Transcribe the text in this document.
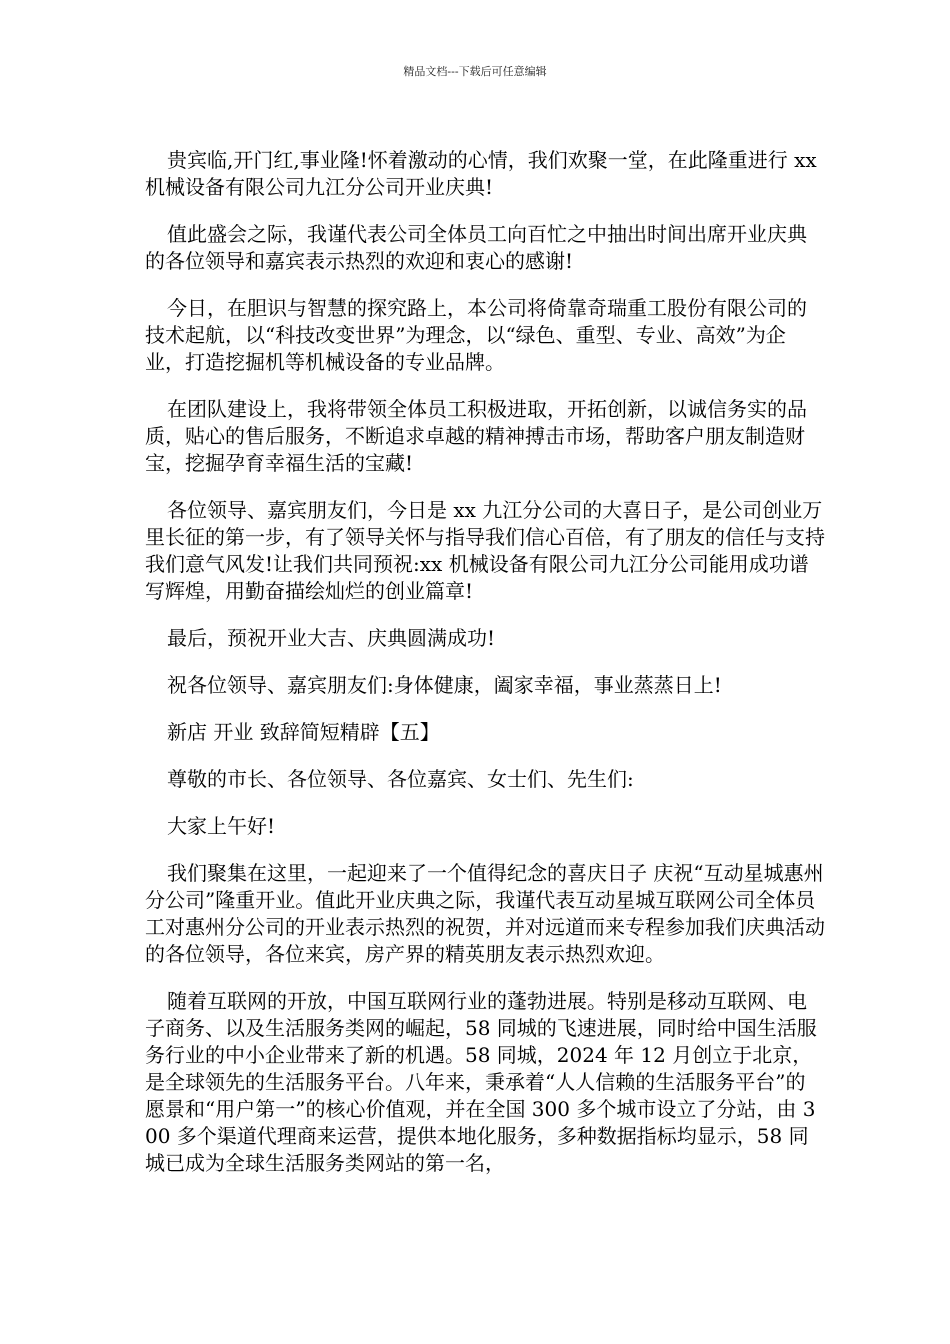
精品文档---下载后可任意编辑

贵宾临,开门红,事业隆!怀着激动的心情，我们欢聚一堂，在此隆重进行 xx 机械设备有限公司九江分公司开业庆典!

值此盛会之际，我谨代表公司全体员工向百忙之中抽出时间出席开业庆典的各位领导和嘉宾表示热烈的欢迎和衷心的感谢!

今日，在胆识与智慧的探究路上，本公司将倚靠奇瑞重工股份有限公司的技术起航，以“科技改变世界”为理念，以“绿色、重型、专业、高效”为企业，打造挖掘机等机械设备的专业品牌。

在团队建设上，我将带领全体员工积极进取，开拓创新，以诚信务实的品质，贴心的售后服务，不断追求卓越的精神搏击市场，帮助客户朋友制造财宝，挖掘孕育幸福生活的宝藏!

各位领导、嘉宾朋友们，今日是 xx 九江分公司的大喜日子，是公司创业万里长征的第一步，有了领导关怀与指导我们信心百倍，有了朋友的信任与支持我们意气风发!让我们共同预祝:xx 机械设备有限公司九江分公司能用成功谱写辉煌，用勤奋描绘灿烂的创业篇章!

最后，预祝开业大吉、庆典圆满成功!

祝各位领导、嘉宾朋友们:身体健康，阖家幸福，事业蒸蒸日上!

新店 开业 致辞简短精辟【五】

尊敬的市长、各位领导、各位嘉宾、女士们、先生们:

大家上午好!

我们聚集在这里，一起迎来了一个值得纪念的喜庆日子 庆祝“互动星城惠州分公司”隆重开业。值此开业庆典之际，我谨代表互动星城互联网公司全体员工对惠州分公司的开业表示热烈的祝贺，并对远道而来专程参加我们庆典活动的各位领导，各位来宾，房产界的精英朋友表示热烈欢迎。

随着互联网的开放，中国互联网行业的蓬勃进展。特别是移动互联网、电子商务、以及生活服务类网的崛起，58 同城的飞速进展，同时给中国生活服务行业的中小企业带来了新的机遇。58 同城，2024 年 12 月创立于北京，是全球领先的生活服务平台。八年来，秉承着“人人信赖的生活服务平台”的愿景和“用户第一”的核心价值观，并在全国 300 多个城市设立了分站，由 300 多个渠道代理商来运营，提供本地化服务，多种数据指标均显示，58 同城已成为全球生活服务类网站的第一名，
